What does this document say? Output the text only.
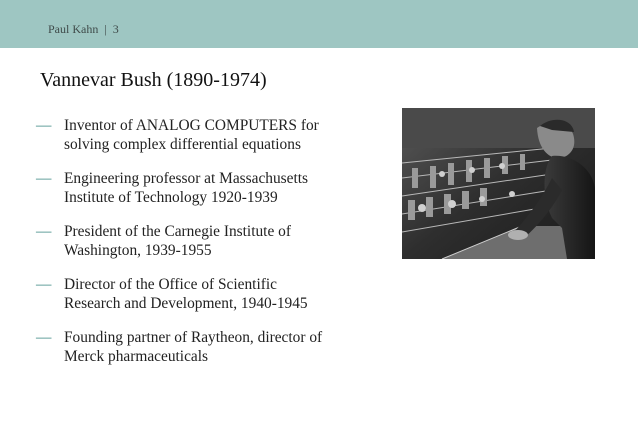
Paul Kahn | 3
Vannevar Bush (1890-1974)
— Inventor of ANALOG COMPUTERS for
solving complex differential equations
— Engineering professor at Massachusetts
Institute of Technology 1920-1939
— President of the Carnegie Institute of
Washington, 1939-1955
— Director of the Office of Scientific
Research and Development, 1940-1945
— Founding partner of Raytheon, director of
Merck pharmaceuticals
